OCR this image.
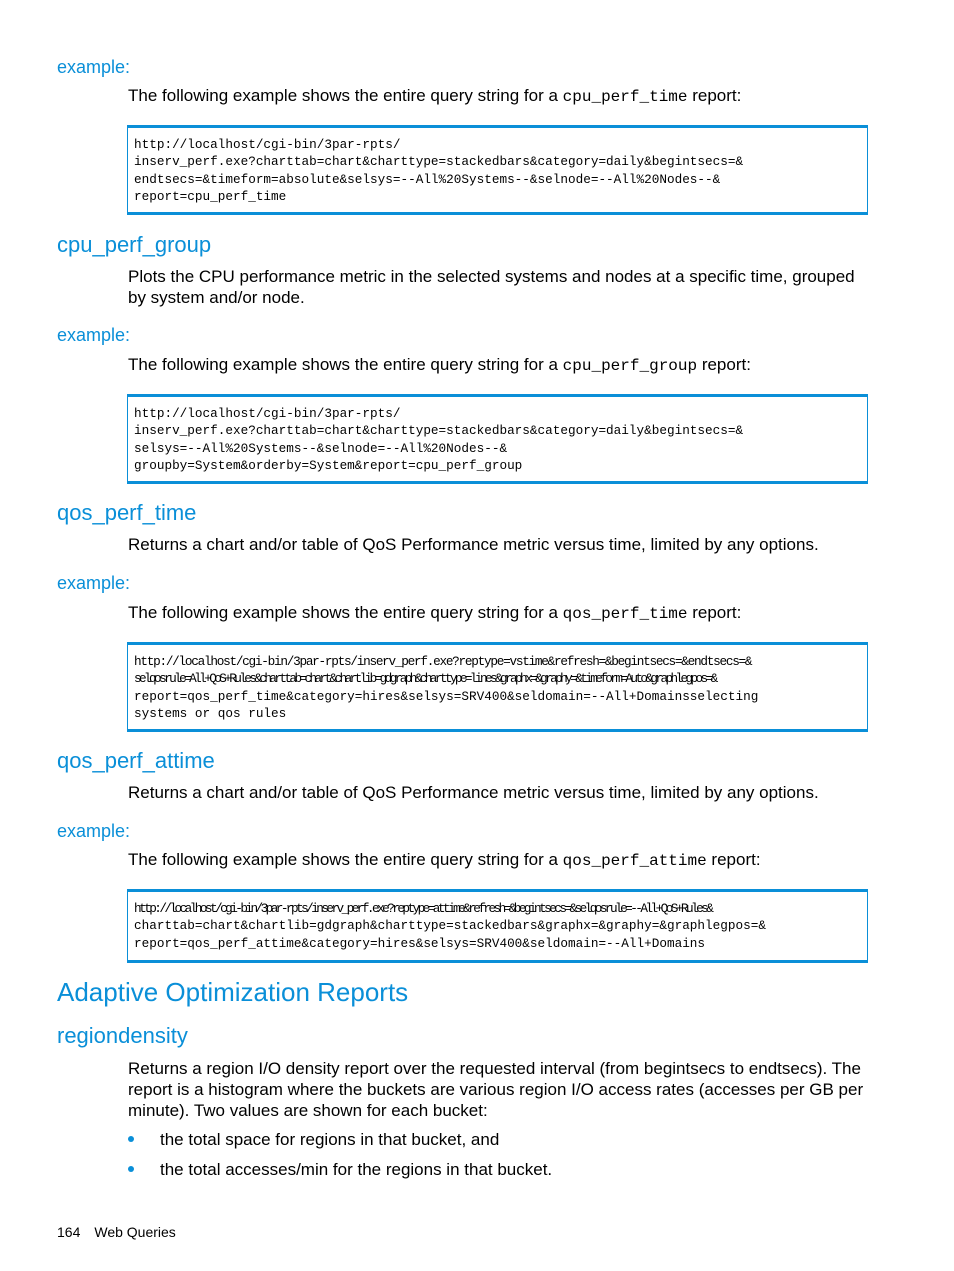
example:
The following example shows the entire query string for a cpu_perf_time report:
http://localhost/cgi-bin/3par-rpts/
inserv_perf.exe?charttab=chart&charttype=stackedbars&category=daily&begintsecs=&
endtsecs=&timeform=absolute&selsys=--All%20Systems--&selnode=--All%20Nodes--&
report=cpu_perf_time
cpu_perf_group
Plots the CPU performance metric in the selected systems and nodes at a specific time, grouped by system and/or node.
example:
The following example shows the entire query string for a cpu_perf_group report:
http://localhost/cgi-bin/3par-rpts/
inserv_perf.exe?charttab=chart&charttype=stackedbars&category=daily&begintsecs=&
selsys=--All%20Systems--&selnode=--All%20Nodes--&
groupby=System&orderby=System&report=cpu_perf_group
qos_perf_time
Returns a chart and/or table of QoS Performance metric versus time, limited by any options.
example:
The following example shows the entire query string for a qos_perf_time report:
http://localhost/cgi-bin/3par-rpts/inserv_perf.exe?reptype=vstime&refresh=&begintsecs=&endtsecs=&
selqosrule=All+QoS+Rules&charttab=chart&chartlib=gdgraph&charttype=lines&graphx=&graphy=&timeform=Auto&graphlegpos=&
report=qos_perf_time&category=hires&selsys=SRV400&seldomain=--All+Domainsselecting
systems or qos rules
qos_perf_attime
Returns a chart and/or table of QoS Performance metric versus time, limited by any options.
example:
The following example shows the entire query string for a qos_perf_attime report:
http://localhost/cgi-bin/3par-rpts/inserv_perf.exe?reptype=attime&refresh=&begintsecs=&selqosrule=--All+QoS+Rules&
charttab=chart&chartlib=gdgraph&charttype=stackedbars&graphx=&graphy=&graphlegpos=&
report=qos_perf_attime&category=hires&selsys=SRV400&seldomain=--All+Domains
Adaptive Optimization Reports
regiondensity
Returns a region I/O density report over the requested interval (from begintsecs to endtsecs). The report is a histogram where the buckets are various region I/O access rates (accesses per GB per minute). Two values are shown for each bucket:
the total space for regions in that bucket, and
the total accesses/min for the regions in that bucket.
164 Web Queries
